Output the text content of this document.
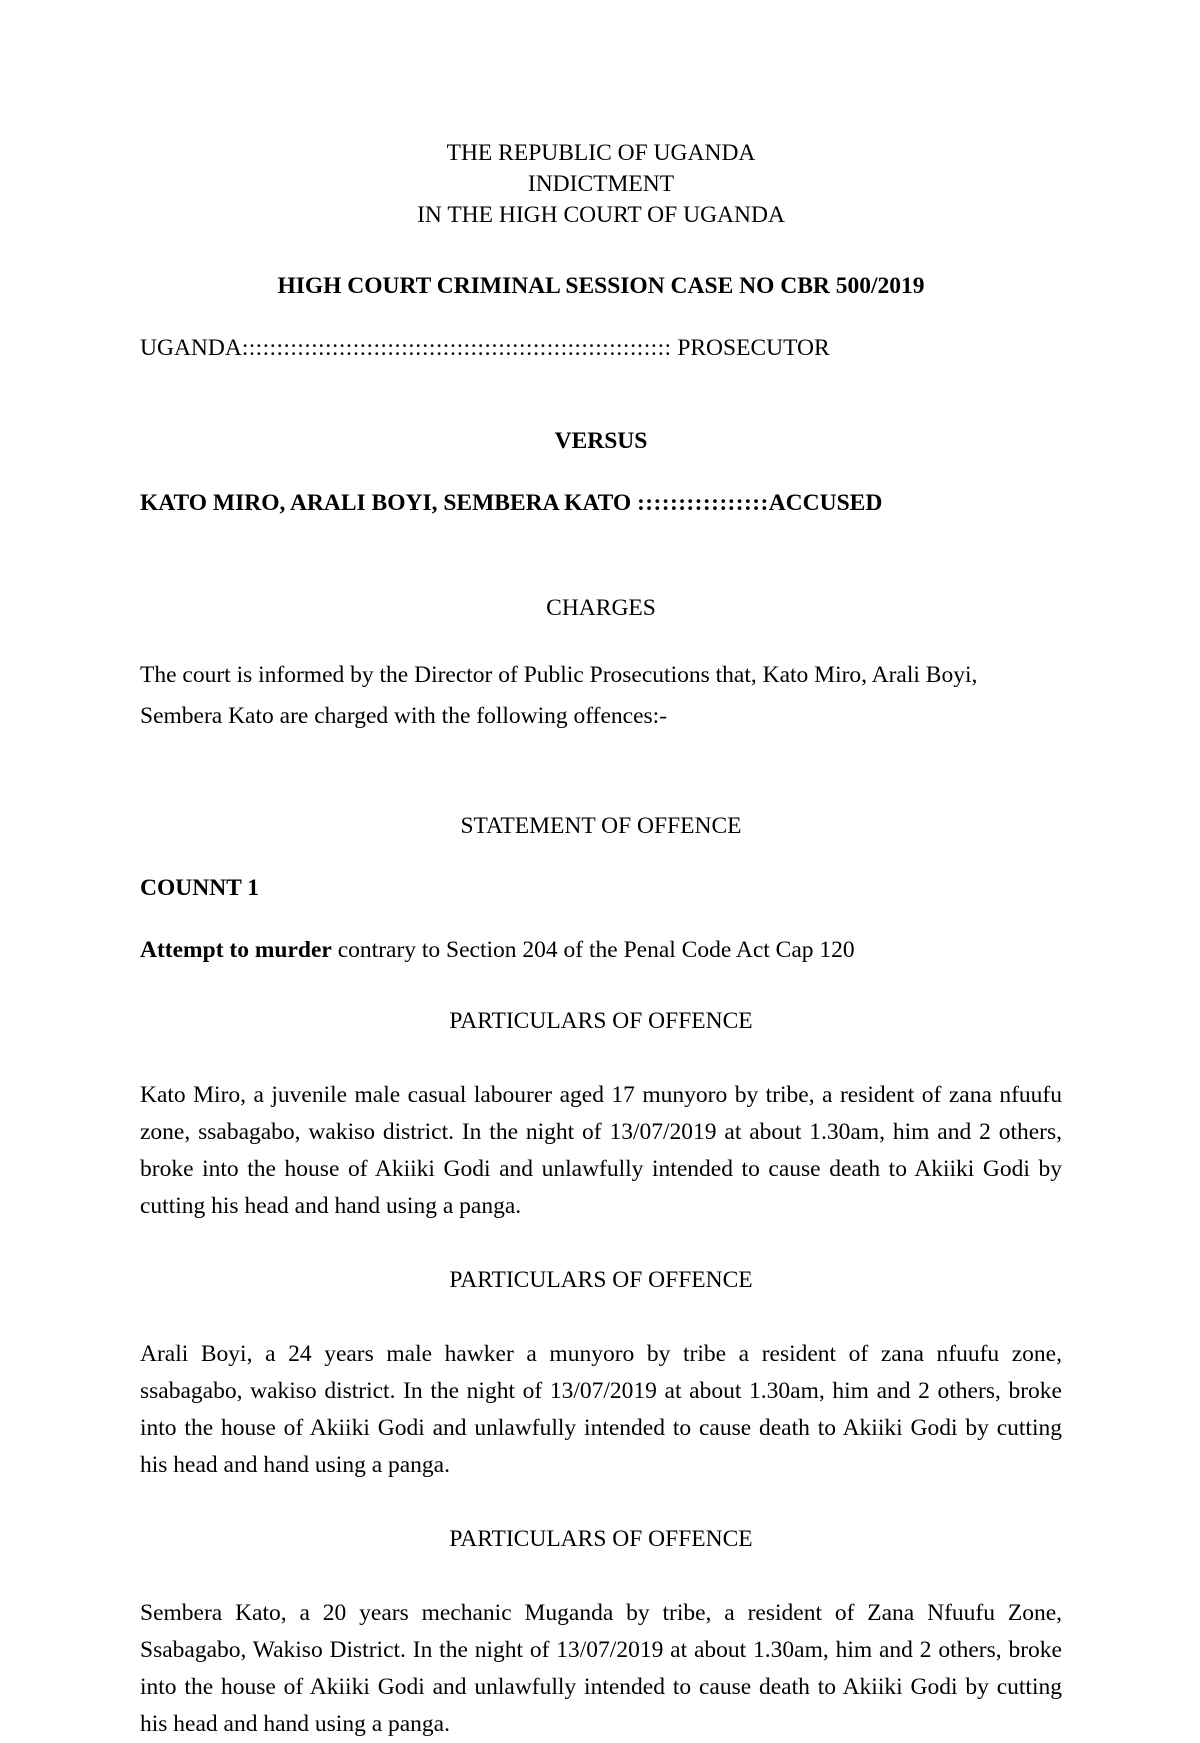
THE REPUBLIC OF UGANDA

INDICTMENT

IN THE HIGH COURT OF UGANDA

HIGH COURT CRIMINAL SESSION CASE NO CBR 500/2019

UGANDA:::::::::::::::::::::::::::::::::::::::::::::::::::::::::::::: PROSECUTOR

VERSUS

KATO MIRO, ARALI BOYI, SEMBERA KATO ::::::::::::::::ACCUSED

CHARGES

The court is informed by the Director of Public Prosecutions that, Kato Miro, Arali Boyi, Sembera Kato are charged with the following offences:-

STATEMENT OF OFFENCE

COUNNT 1

Attempt to murder contrary to Section 204 of the Penal Code Act Cap 120

PARTICULARS OF OFFENCE

Kato Miro, a juvenile male casual labourer aged 17 munyoro by tribe, a resident of zana nfuufu zone, ssabagabo, wakiso district. In the night of 13/07/2019 at about 1.30am, him and 2 others, broke into the house of Akiiki Godi and unlawfully intended to cause death to Akiiki Godi by cutting his head and hand using a panga.

PARTICULARS OF OFFENCE

Arali Boyi, a 24 years male hawker a munyoro by tribe a resident of zana nfuufu zone, ssabagabo, wakiso district. In the night of 13/07/2019 at about 1.30am, him and 2 others, broke into the house of Akiiki Godi and unlawfully intended to cause death to Akiiki Godi by cutting his head and hand using a panga.

PARTICULARS OF OFFENCE

Sembera Kato, a 20 years mechanic Muganda by tribe, a resident of Zana Nfuufu Zone, Ssabagabo, Wakiso District. In the night of 13/07/2019 at about 1.30am, him and 2 others, broke into the house of Akiiki Godi and unlawfully intended to cause death to Akiiki Godi by cutting his head and hand using a panga.
